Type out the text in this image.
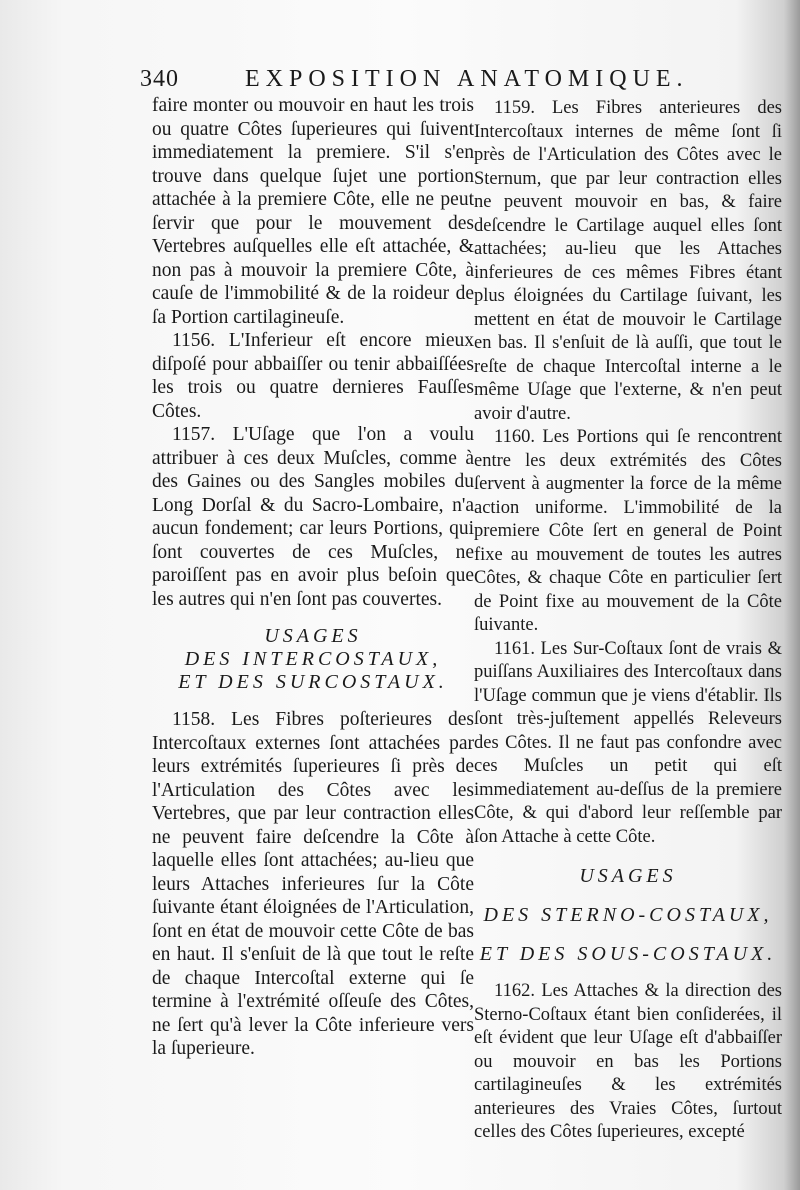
340	EXPOSITION ANATOMIQUE.

faire monter ou mouvoir en haut les trois ou quatre Côtes ſuperieures qui ſuivent immediatement la premiere. S'il s'en trouve dans quelque ſujet une portion attachée à la premiere Côte, elle ne peut ſervir que pour le mouvement des Vertebres auſquelles elle eſt attachée, & non pas à mouvoir la premiere Côte, à cauſe de l'immobilité & de la roideur de ſa Portion cartilagineuſe.

1156. L'Inferieur eſt encore mieux diſpoſé pour abbaiſſer ou tenir abbaiſſées les trois ou quatre dernieres Fauſſes Côtes.

1157. L'Uſage que l'on a voulu attribuer à ces deux Muſcles, comme à des Gaines ou des Sangles mobiles du Long Dorſal & du Sacro-Lombaire, n'a aucun fondement; car leurs Portions, qui ſont couvertes de ces Muſcles, ne paroiſſent pas en avoir plus beſoin que les autres qui n'en ſont pas couvertes.

USAGES
DES INTERCOSTAUX,
ET DES SURCOSTAUX.

1158. Les Fibres poſterieures des Intercoſtaux externes ſont attachées par leurs extrémités ſuperieures ſi près de l'Articulation des Côtes avec les Vertebres, que par leur contraction elles ne peuvent faire deſcendre la Côte à laquelle elles ſont attachées; au-lieu que leurs Attaches inferieures ſur la Côte ſuivante étant éloignées de l'Articulation, ſont en état de mouvoir cette Côte de bas en haut. Il s'enſuit de là que tout le reſte de chaque Intercoſtal externe qui ſe termine à l'extrémité oſſeuſe des Côtes, ne ſert qu'à lever la Côte inferieure vers la ſuperieure.

1159. Les Fibres anterieures des Intercoſtaux internes de même ſont ſi près de l'Articulation des Côtes avec le Sternum, que par leur contraction elles ne peuvent mouvoir en bas, & faire deſcendre le Cartilage auquel elles ſont attachées; au-lieu que les Attaches inferieures de ces mêmes Fibres étant plus éloignées du Cartilage ſuivant, les mettent en état de mouvoir le Cartilage en bas. Il s'enſuit de là auſſi, que tout le reſte de chaque Intercoſtal interne a le même Uſage que l'externe, & n'en peut avoir d'autre.

1160. Les Portions qui ſe rencontrent entre les deux extrémités des Côtes ſervent à augmenter la force de la même action uniforme. L'immobilité de la premiere Côte ſert en general de Point fixe au mouvement de toutes les autres Côtes, & chaque Côte en particulier ſert de Point fixe au mouvement de la Côte ſuivante.

1161. Les Sur-Coſtaux ſont de vrais & puiſſans Auxiliaires des Intercoſtaux dans l'Uſage commun que je viens d'établir. Ils ſont très-juſtement appellés Releveurs des Côtes. Il ne faut pas confondre avec ces Muſcles un petit qui eſt immediatement au-deſſus de la premiere Côte, & qui d'abord leur reſſemble par ſon Attache à cette Côte.

USAGES
DES STERNO-COSTAUX,
ET DES SOUS-COSTAUX.

1162. Les Attaches & la direction des Sterno-Coſtaux étant bien conſiderées, il eſt évident que leur Uſage eſt d'abbaiſſer ou mouvoir en bas les Portions cartilagineuſes & les extrémités anterieures des Vraies Côtes, ſurtout celles des Côtes ſuperieures, excepté
